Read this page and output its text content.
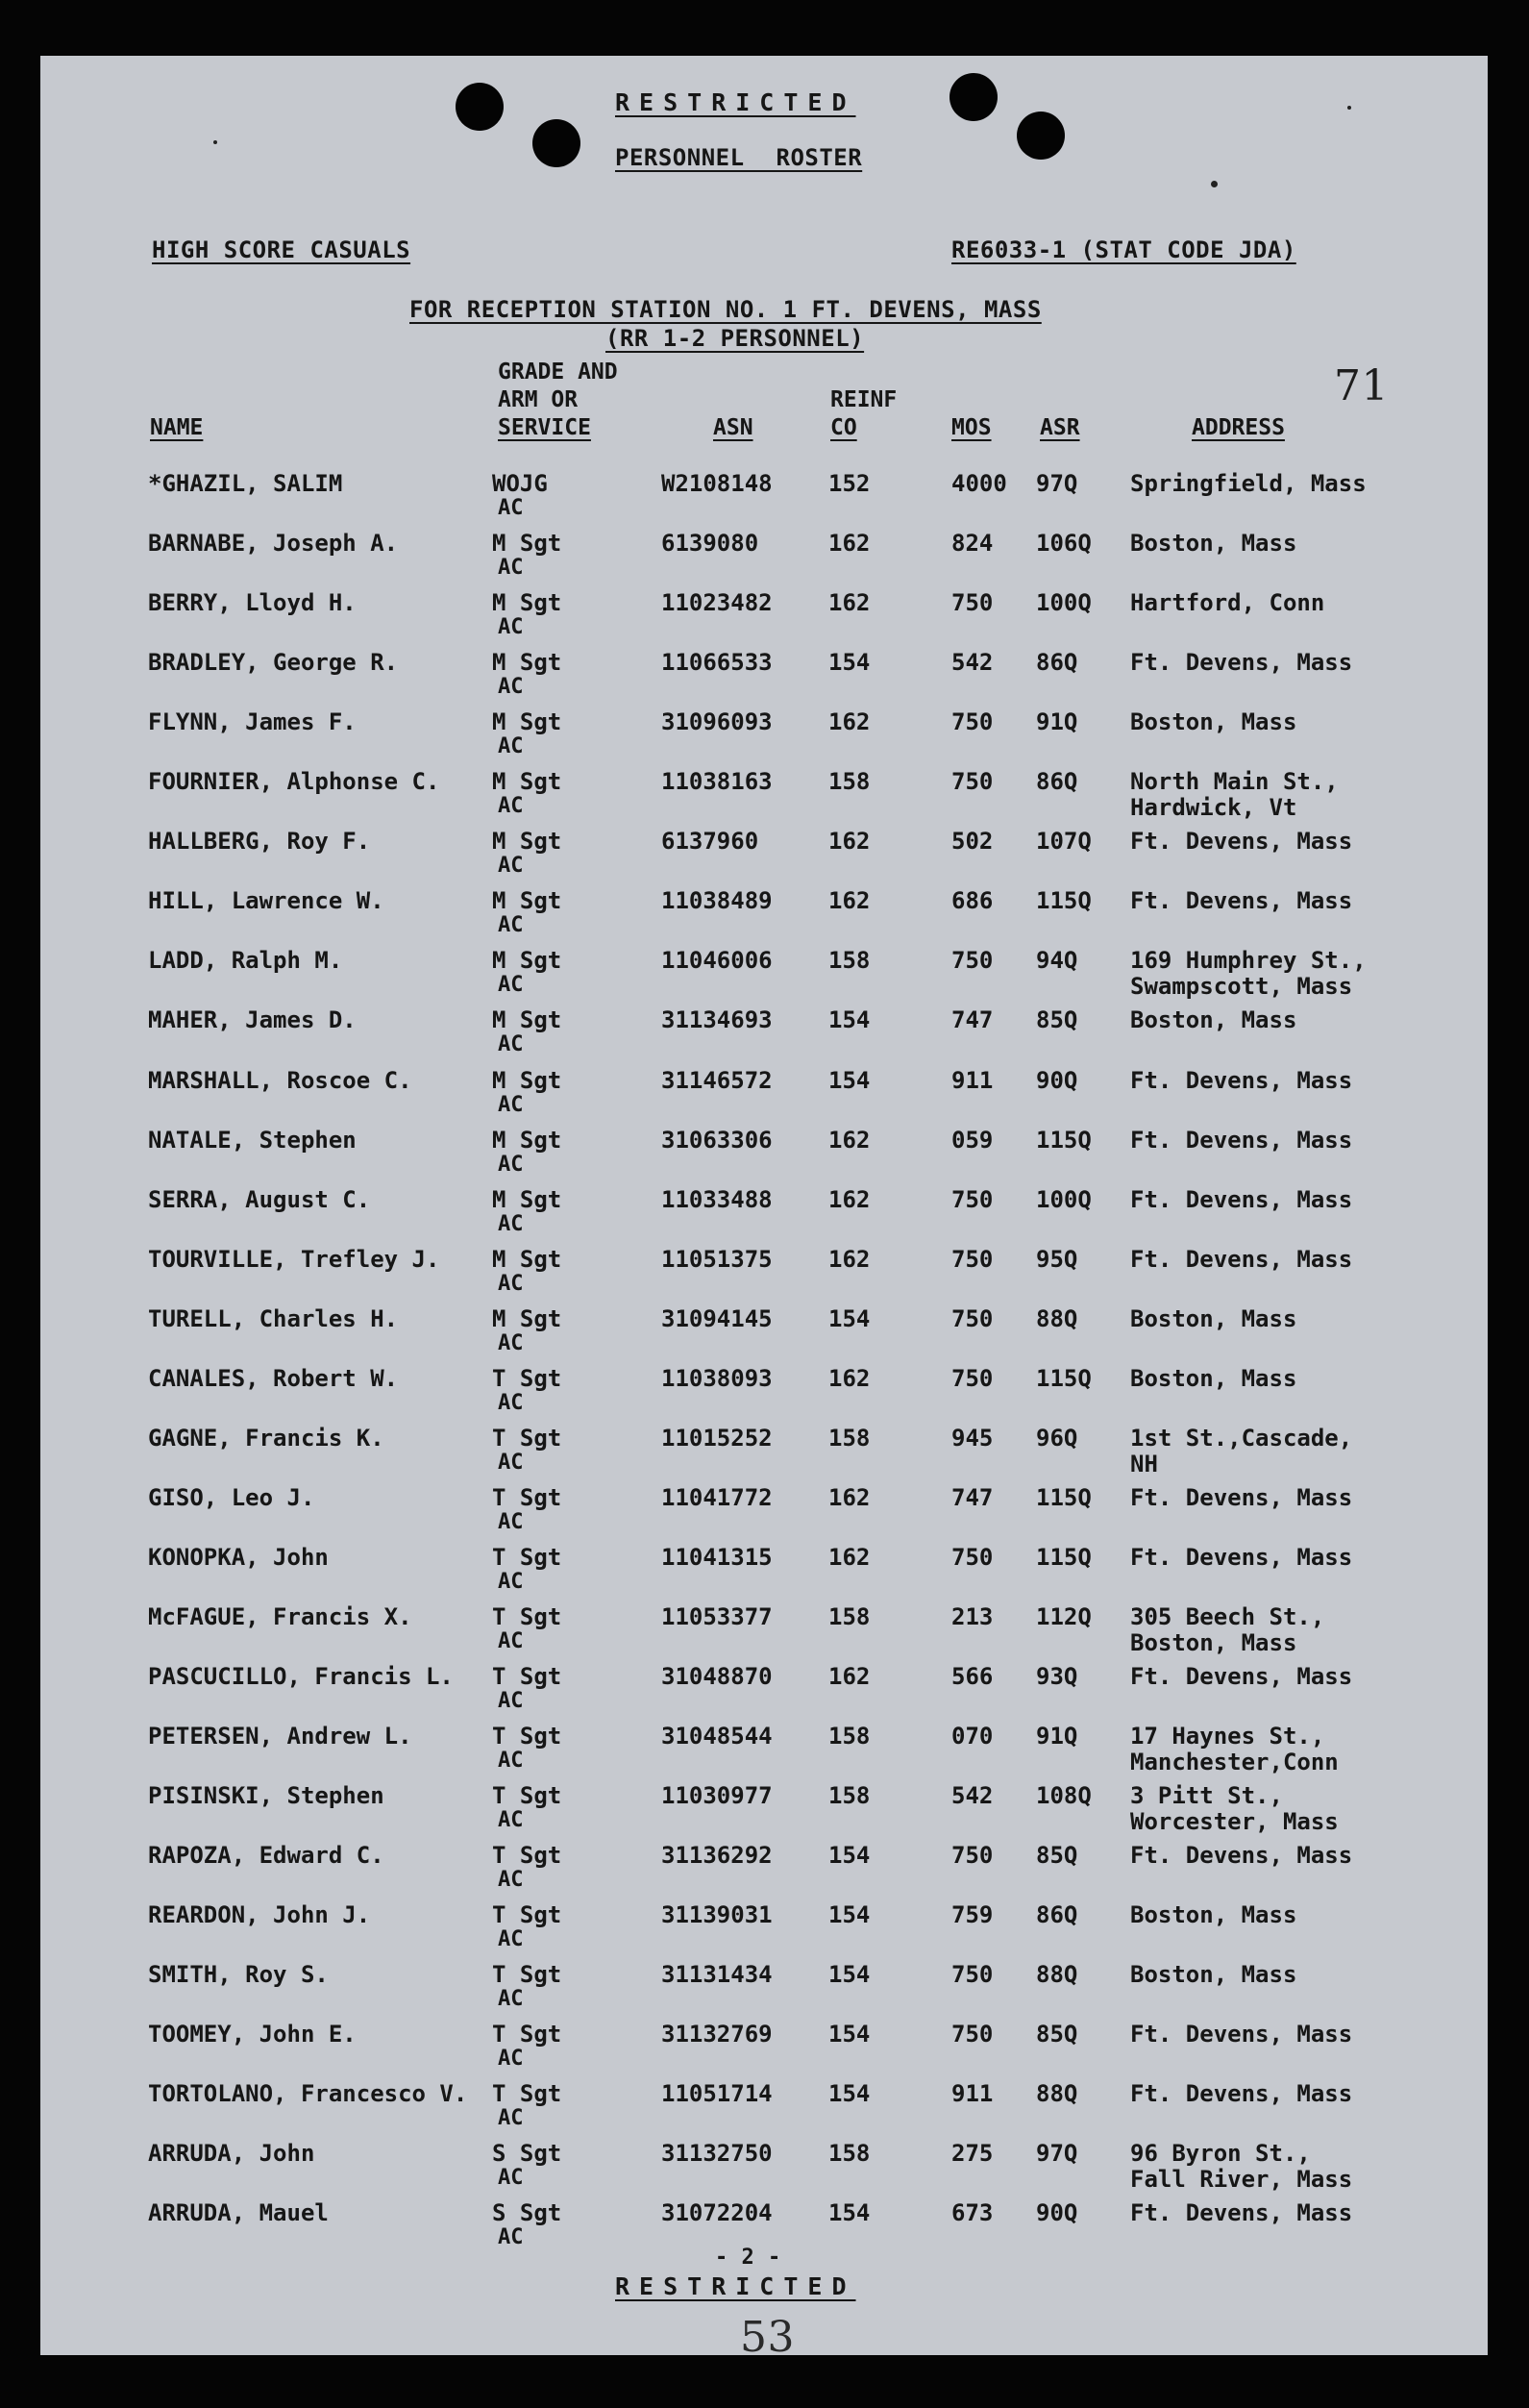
RESTRICTED
PERSONNEL ROSTER
HIGH SCORE CASUALS	RE6033-1 (STAT CODE JDA)
FOR RECEPTION STATION NO. 1 FT. DEVENS, MASS
(RR 1-2 PERSONNEL)
71
NAME
GRADE AND
ARM OR
SERVICE	ASN
REINF
CO	MOS ASR	ADDRESS
*GHAZIL, SALIM	WOJG
AC
W2108148 152	4000 97Q Springfield, Mass
BARNABE, Joseph A.	M Sgt
AC
6139080	162	824 106Q Boston, Mass
BERRY, Lloyd H.	M Sgt
AC
11023482 162	750 100Q Hartford, Conn
BRADLEY, George R.	M Sgt
AC
11066533 154	542 86Q Ft. Devens, Mass
FLYNN, James F.	M Sgt
AC
31096093 162	750 91Q Boston, Mass
FOURNIER, Alphonse C. M Sgt
AC
11038163 158	750 86Q North Main St.,
Hardwick, Vt
HALLBERG, Roy F.	M Sgt
AC
6137960	162	502 107Q Ft. Devens, Mass
HILL, Lawrence W.	M Sgt
AC
11038489 162	686 115Q Ft. Devens, Mass
LADD, Ralph M.	M Sgt
AC
11046006 158	750 94Q 169 Humphrey St.,
Swampscott, Mass
MAHER, James D.	M Sgt
AC
31134693 154	747 85Q Boston, Mass
MARSHALL, Roscoe C.	M Sgt
AC
31146572 154	911 90Q Ft. Devens, Mass
NATALE, Stephen	M Sgt
AC
31063306 162	059 115Q Ft. Devens, Mass
SERRA, August C.	M Sgt
AC
11033488 162	750 100Q Ft. Devens, Mass
TOURVILLE, Trefley J. M Sgt
AC
11051375 162	750 95Q Ft. Devens, Mass
TURELL, Charles H.	M Sgt
AC
31094145 154	750 88Q Boston, Mass
CANALES, Robert W.	T Sgt
AC
11038093 162	750 115Q Boston, Mass
GAGNE, Francis K.	T Sgt
AC
11015252 158	945 96Q 1st St.,Cascade,
NH
GISO, Leo J.	T Sgt
AC
11041772 162	747 115Q Ft. Devens, Mass
KONOPKA, John	T Sgt
AC
11041315 162	750 115Q Ft. Devens, Mass
McFAGUE, Francis X.	T Sgt
AC
11053377 158	213 112Q 305 Beech St.,
Boston, Mass
PASCUCILLO, Francis L. T Sgt
AC
31048870 162	566 93Q Ft. Devens, Mass
PETERSEN, Andrew L.	T Sgt
AC
31048544 158	070 91Q 17 Haynes St.,
Manchester,Conn
PISINSKI, Stephen	T Sgt
AC
11030977 158	542 108Q 3 Pitt St.,
Worcester, Mass
RAPOZA, Edward C.	T Sgt
AC
31136292 154	750 85Q Ft. Devens, Mass
REARDON, John J.	T Sgt
AC
31139031 154	759 86Q Boston, Mass
SMITH, Roy S.	T Sgt
AC
31131434 154	750 88Q Boston, Mass
TOOMEY, John E.	T Sgt
AC
31132769 154	750 85Q Ft. Devens, Mass
TORTOLANO, Francesco V. T Sgt
AC
11051714 154	911 88Q Ft. Devens, Mass
ARRUDA, John	S Sgt
AC
31132750 158	275 97Q 96 Byron St.,
Fall River, Mass
ARRUDA, Mauel	S Sgt
AC
31072204 154	673 90Q Ft. Devens, Mass
- 2 -
RESTRICTED
53
